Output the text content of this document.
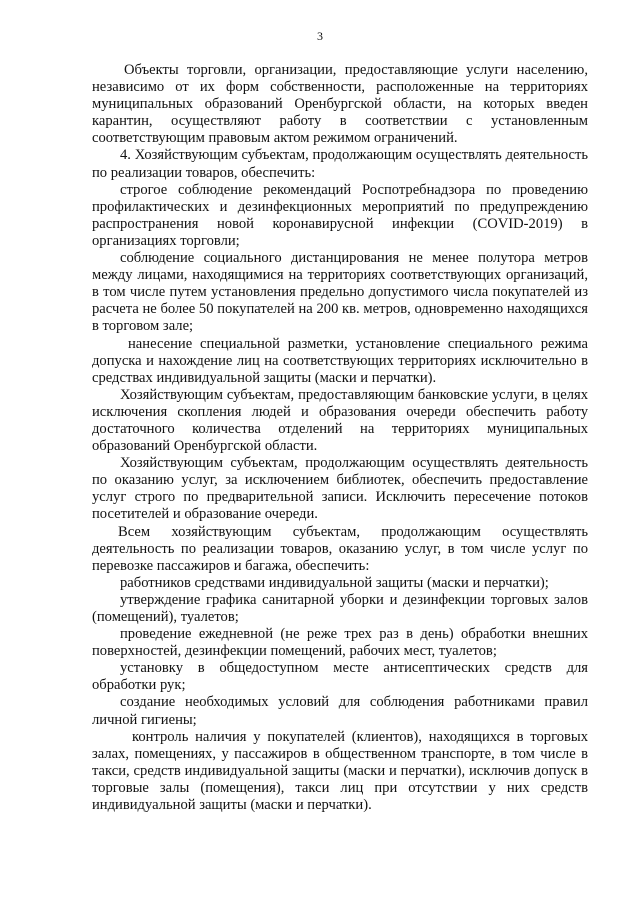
3

Объекты торговли, организации, предоставляющие услуги населению, независимо от их форм собственности, расположенные на территориях муниципальных образований Оренбургской области, на которых введен карантин, осуществляют работу в соответствии с установленным соответствующим правовым актом режимом ограничений.

4. Хозяйствующим субъектам, продолжающим осуществлять деятельность по реализации товаров, обеспечить:

строгое соблюдение рекомендаций Роспотребнадзора по проведению профилактических и дезинфекционных мероприятий по предупреждению распространения новой коронавирусной инфекции (COVID-2019) в организациях торговли;

соблюдение социального дистанцирования не менее полутора метров между лицами, находящимися на территориях соответствующих организаций, в том числе путем установления предельно допустимого числа покупателей из расчета не более 50 покупателей на 200 кв. метров, одновременно находящихся в торговом зале;

нанесение специальной разметки, установление специального режима допуска и нахождение лиц на соответствующих территориях исключительно в средствах индивидуальной защиты (маски и перчатки).

Хозяйствующим субъектам, предоставляющим банковские услуги, в целях исключения скопления людей и образования очереди обеспечить работу достаточного количества отделений на территориях муниципальных образований Оренбургской области.

Хозяйствующим субъектам, продолжающим осуществлять деятельность по оказанию услуг, за исключением библиотек, обеспечить предоставление услуг строго по предварительной записи. Исключить пересечение потоков посетителей и образование очереди.

Всем хозяйствующим субъектам, продолжающим осуществлять деятельность по реализации товаров, оказанию услуг, в том числе услуг по перевозке пассажиров и багажа, обеспечить:

работников средствами индивидуальной защиты (маски и перчатки);

утверждение графика санитарной уборки и дезинфекции торговых залов (помещений), туалетов;

проведение ежедневной (не реже трех раз в день) обработки внешних поверхностей, дезинфекции помещений, рабочих мест, туалетов;

установку в общедоступном месте антисептических средств для обработки рук;

создание необходимых условий для соблюдения работниками правил личной гигиены;

контроль наличия у покупателей (клиентов), находящихся в торговых залах, помещениях, у пассажиров в общественном транспорте, в том числе в такси, средств индивидуальной защиты (маски и перчатки), исключив допуск в торговые залы (помещения), такси лиц при отсутствии у них средств индивидуальной защиты (маски и перчатки).
